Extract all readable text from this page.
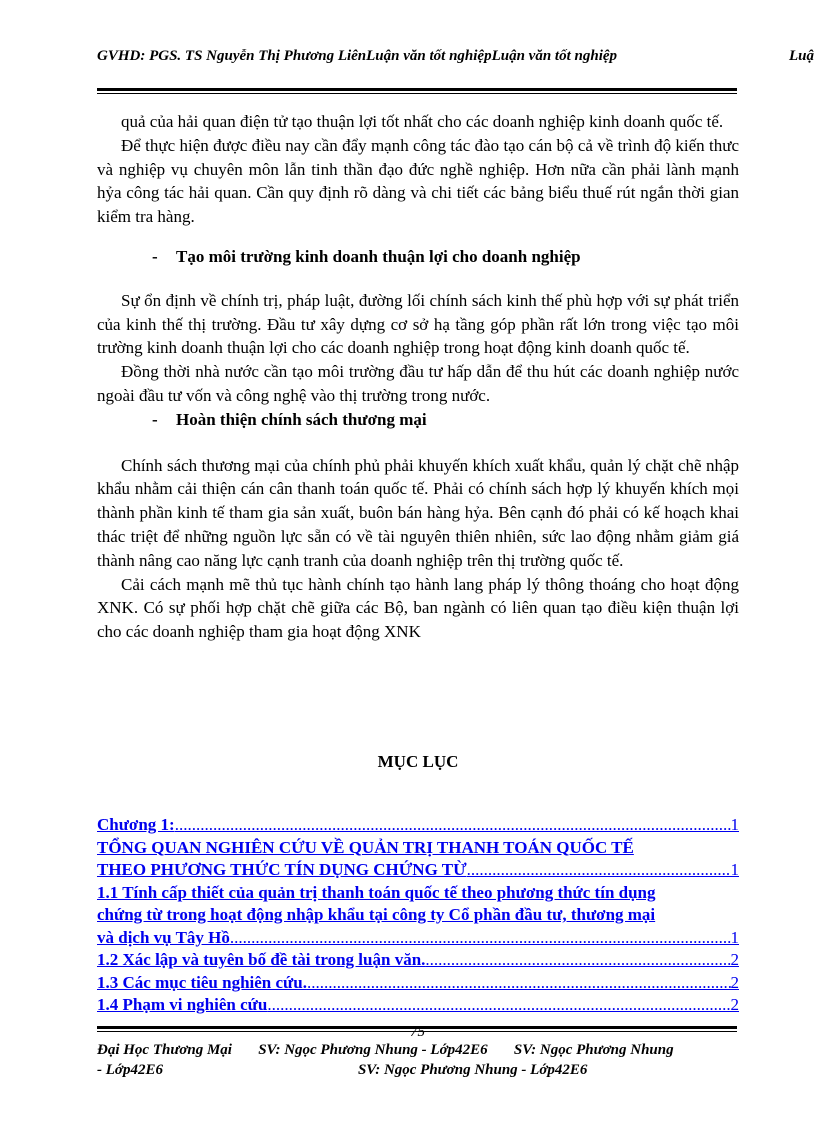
GVHD: PGS. TS Nguyễn Thị Phương LiênLuận văn tốt nghiệpLuận văn tốt nghiệp	Luậ

quả của hải quan điện tử tạo thuận lợi tốt nhất cho các doanh nghiệp kinh doanh quốc tế.

Để thực hiện được điều nay cần đẩy mạnh công tác đào tạo cán bộ cả về trình độ kiến thưc và nghiệp vụ chuyên môn lẫn tinh thần đạo đức nghề nghiệp. Hơn nữa cần phải lành mạnh hỷa công tác hải quan. Cần quy định rõ dàng và chi tiết các bảng biểu thuế rút ngắn thời gian kiểm tra hàng.

- Tạo môi trường kinh doanh thuận lợi cho doanh nghiệp

Sự ổn định về chính trị, pháp luật, đường lối chính sách kinh thế phù hợp với sự phát triển của kinh thế thị trường. Đầu tư xây dựng cơ sở hạ tầng góp phần rất lớn trong việc tạo môi trường kinh doanh thuận lợi cho các doanh nghiệp trong hoạt động kinh doanh quốc tế.

Đồng thời nhà nước cần tạo môi trường đầu tư hấp dẫn để thu hút các doanh nghiệp nước ngoài đầu tư vốn và công nghệ vào thị trường trong nước.

- Hoàn thiện chính sách thương mại

Chính sách thương mại của chính phủ phải khuyến khích xuất khẩu, quản lý chặt chẽ nhập khẩu nhằm cải thiện cán cân thanh toán quốc tế. Phải có chính sách hợp lý khuyến khích mọi thành phần kinh tế tham gia sản xuất, buôn bán hàng hỷa. Bên cạnh đó phải có kế hoạch khai thác triệt để những nguồn lực sẵn có về tài nguyên thiên nhiên, sức lao động nhằm giảm giá thành nâng cao năng lực cạnh tranh của doanh nghiệp trên thị trường quốc tế.

Cải cách mạnh mẽ thủ tục hành chính tạo hành lang pháp lý thông thoáng cho hoạt động XNK. Có sự phối hợp chặt chẽ giữa các Bộ, ban ngành có liên quan tạo điều kiện thuận lợi cho các doanh nghiệp tham gia hoạt động XNK

MỤC LỤC
Chương 1: .....	1
TỔNG QUAN NGHIÊN CỨU VỀ QUẢN TRỊ THANH TOÁN QUỐC TẾ
THEO PHƯƠNG THỨC TÍN DỤNG CHỨNG TỪ .....	1
1.1 Tính cấp thiết của quản trị thanh toán quốc tế theo phương thức tín dụng
chứng từ trong hoạt động nhập khẩu tại công ty Cổ phần đầu tư, thương mại
và dịch vụ Tây Hồ .....	1
1.2 Xác lập và tuyên bố đề tài trong luận văn. .....	2
1.3 Các mục tiêu nghiên cứu. .....	2
1.4 Phạm vi nghiên cứu .....	2
75
Đại Học Thương Mại       SV: Ngọc Phương Nhung - Lớp42E6       SV: Ngọc Phương Nhung
- Lớp42E6                                                    SV: Ngọc Phương Nhung - Lớp42E6
